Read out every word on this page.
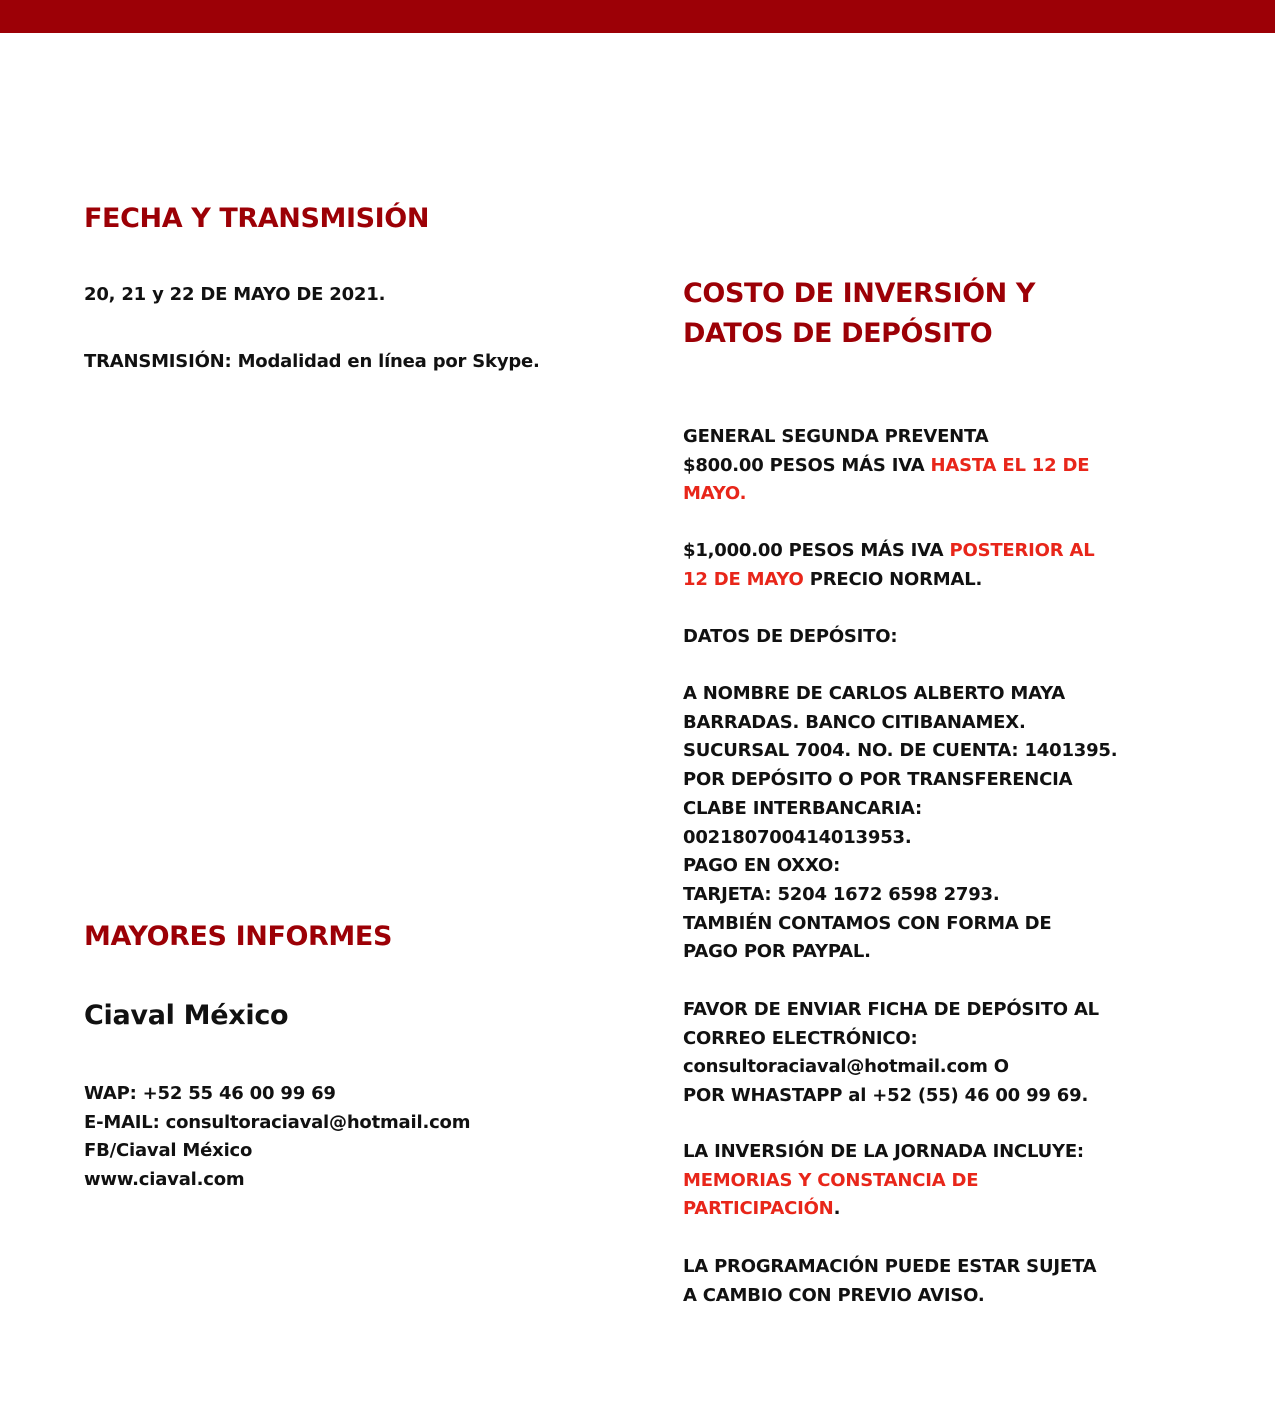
FECHA Y TRANSMISIÓN
20, 21 y 22 DE MAYO DE 2021.
TRANSMISIÓN: Modalidad en línea por Skype.
MAYORES INFORMES
Ciaval México
WAP: +52 55 46 00 99 69
E-MAIL: consultoraciaval@hotmail.com
FB/Ciaval México
www.ciaval.com
COSTO DE INVERSIÓN Y
DATOS DE DEPÓSITO
GENERAL SEGUNDA PREVENTA
$800.00 PESOS MÁS IVA HASTA EL 12 DE
MAYO.
$1,000.00 PESOS MÁS IVA POSTERIOR AL
12 DE MAYO PRECIO NORMAL.
DATOS DE DEPÓSITO:
A NOMBRE DE CARLOS ALBERTO MAYA
BARRADAS. BANCO CITIBANAMEX.
SUCURSAL 7004. NO. DE CUENTA: 1401395.
POR DEPÓSITO O POR TRANSFERENCIA
CLABE INTERBANCARIA:
002180700414013953.
PAGO EN OXXO:
TARJETA: 5204 1672 6598 2793.
TAMBIÉN CONTAMOS CON FORMA DE
PAGO POR PAYPAL.
FAVOR DE ENVIAR FICHA DE DEPÓSITO AL
CORREO ELECTRÓNICO:
consultoraciaval@hotmail.com O
POR WHASTAPP al +52 (55) 46 00 99 69.
LA INVERSIÓN DE LA JORNADA INCLUYE:
MEMORIAS Y CONSTANCIA DE
PARTICIPACIÓN.
LA PROGRAMACIÓN PUEDE ESTAR SUJETA
A CAMBIO CON PREVIO AVISO.
